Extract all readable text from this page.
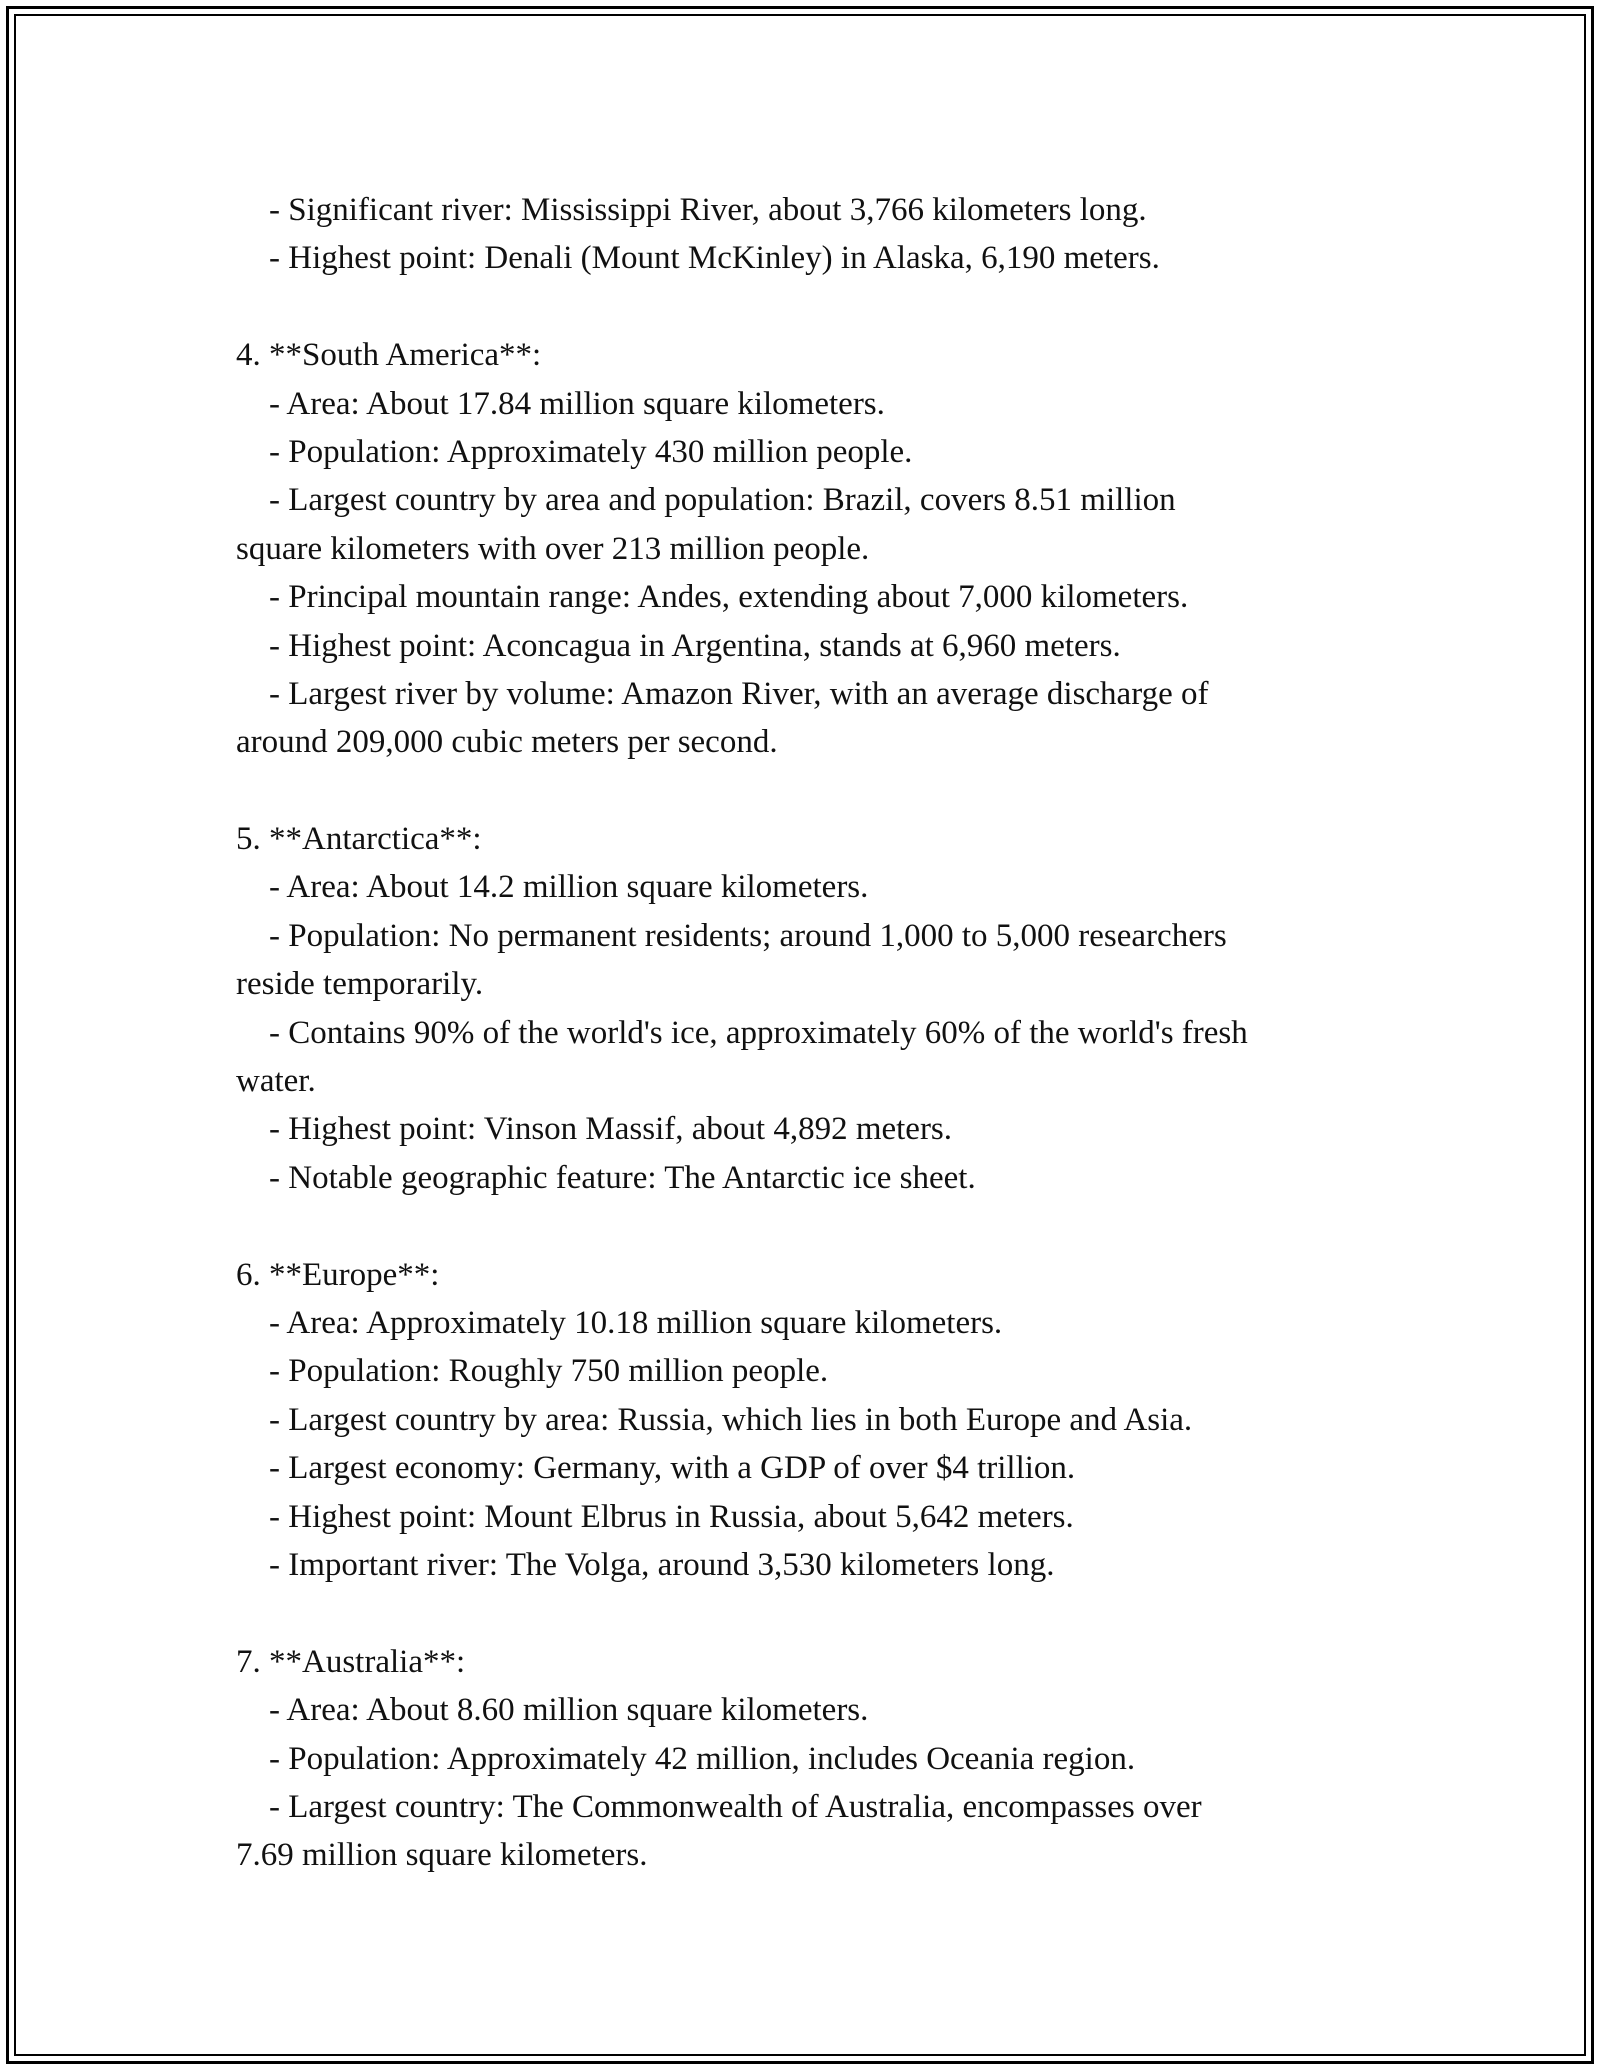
- Significant river: Mississippi River, about 3,766 kilometers long.

- Highest point: Denali (Mount McKinley) in Alaska, 6,190 meters.

4. **South America**:

- Area: About 17.84 million square kilometers.

- Population: Approximately 430 million people.

- Largest country by area and population: Brazil, covers 8.51 million

square kilometers with over 213 million people.

- Principal mountain range: Andes, extending about 7,000 kilometers.

- Highest point: Aconcagua in Argentina, stands at 6,960 meters.

- Largest river by volume: Amazon River, with an average discharge of

around 209,000 cubic meters per second.

5. **Antarctica**:

- Area: About 14.2 million square kilometers.

- Population: No permanent residents; around 1,000 to 5,000 researchers

reside temporarily.

- Contains 90% of the world's ice, approximately 60% of the world's fresh

water.

- Highest point: Vinson Massif, about 4,892 meters.

- Notable geographic feature: The Antarctic ice sheet.

6. **Europe**:

- Area: Approximately 10.18 million square kilometers.

- Population: Roughly 750 million people.

- Largest country by area: Russia, which lies in both Europe and Asia.

- Largest economy: Germany, with a GDP of over $4 trillion.

- Highest point: Mount Elbrus in Russia, about 5,642 meters.

- Important river: The Volga, around 3,530 kilometers long.

7. **Australia**:

- Area: About 8.60 million square kilometers.

- Population: Approximately 42 million, includes Oceania region.

- Largest country: The Commonwealth of Australia, encompasses over

7.69 million square kilometers.
